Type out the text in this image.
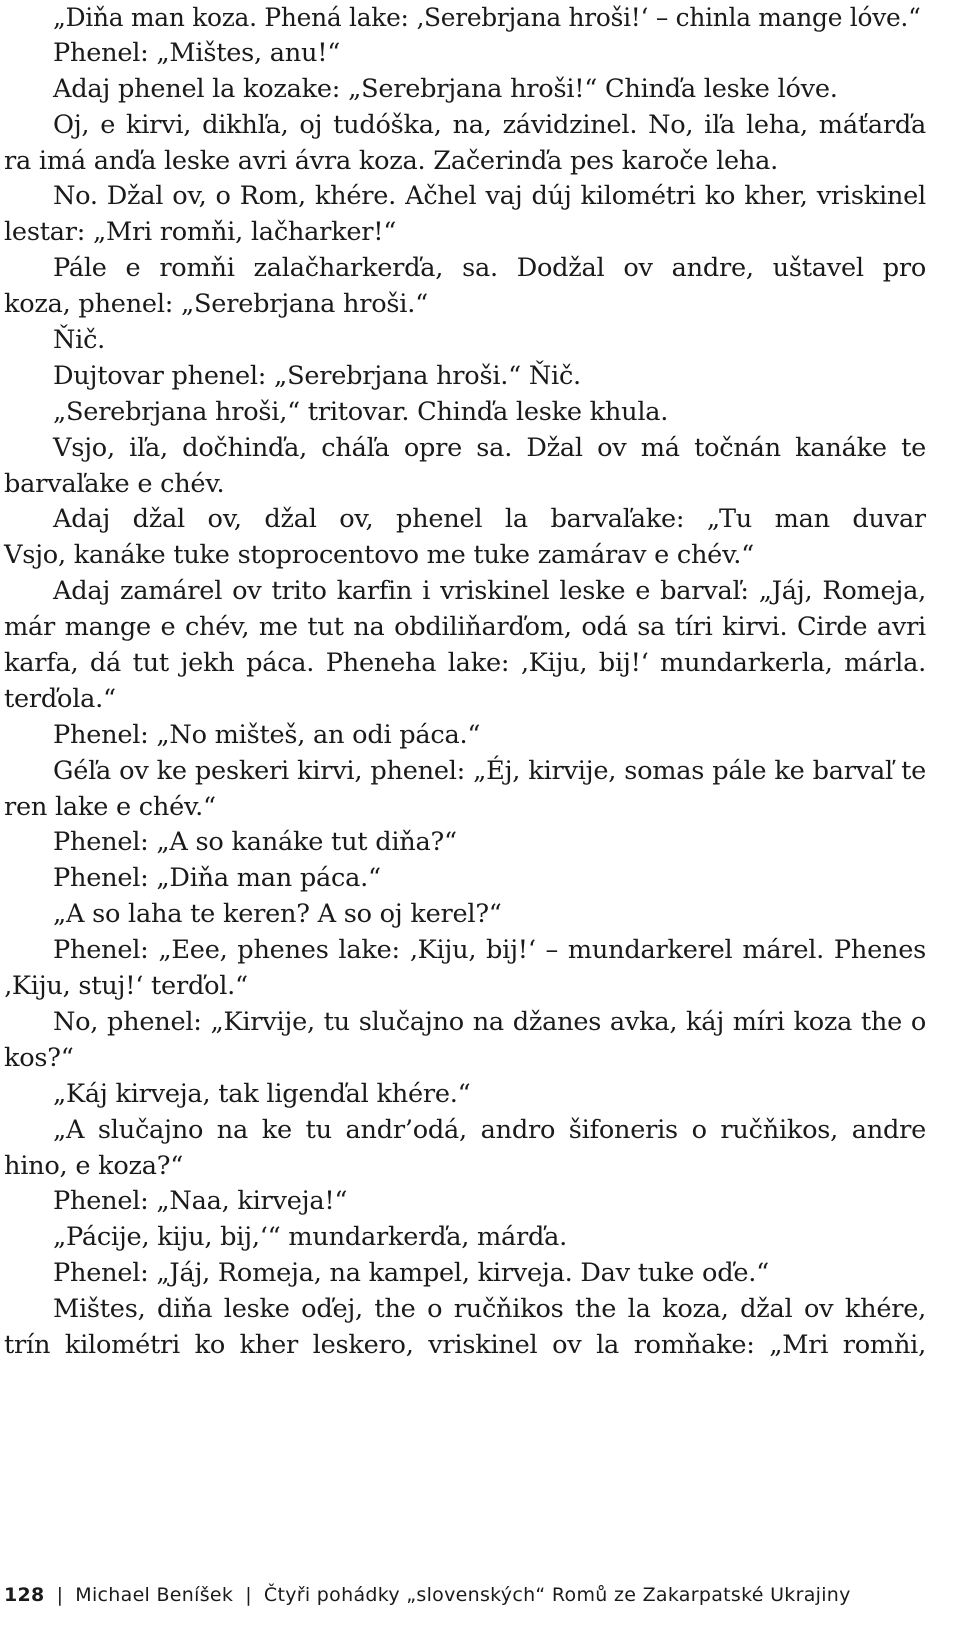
„Diňa man koza. Phená lake: ‚Serebrjana hroši!‘ – chinla mange lóve.“
Phenel: „Mištes, anu!“
Adaj phenel la kozake: „Serebrjana hroši!“ Chinďa leske lóve.
Oj, e kirvi, dikhľa, oj tudóška, na, závidzinel. No, iľa leha, máťarďa
ra imá anďa leske avri ávra koza. Začerinďa pes karoče leha.
No. Džal ov, o Rom, khére. Ačhel vaj dúj kilométri ko kher, vriskinel
lestar: „Mri romňi, lačharker!“
Pále e romňi zalačharkerďa, sa. Dodžal ov andre, uštavel pro
koza, phenel: „Serebrjana hroši.“
Ňič.
Dujtovar phenel: „Serebrjana hroši.“ Ňič.
„Serebrjana hroši,“ tritovar. Chinďa leske khula.
Vsjo, iľa, dočhinďa, cháľa opre sa. Džal ov má točnán kanáke te
barvaľake e chév.
Adaj džal ov, džal ov, phenel la barvaľake: „Tu man duvar
Vsjo, kanáke tuke stoprocentovo me tuke zamárav e chév.“
Adaj zamárel ov trito karfin i vriskinel leske e barvaľ: „Jáj, Romeja,
már mange e chév, me tut na obdiliňarďom, odá sa tíri kirvi. Cirde avri
karfa, dá tut jekh páca. Pheneha lake: ‚Kiju, bij!‘ mundarkerla, márla.
terďola.“
Phenel: „No mišteš, an odi páca.“
Géľa ov ke peskeri kirvi, phenel: „Éj, kirvije, somas pále ke barvaľ te
ren lake e chév.“
Phenel: „A so kanáke tut diňa?“
Phenel: „Diňa man páca.“
„A so laha te keren? A so oj kerel?“
Phenel: „Eee, phenes lake: ‚Kiju, bij!‘ – mundarkerel márel. Phenes
‚Kiju, stuj!‘ terďol.“
No, phenel: „Kirvije, tu slučajno na džanes avka, káj míri koza the o
kos?“
„Káj kirveja, tak ligenďal khére.“
„A slučajno na ke tu andr’odá, andro šifoneris o ručňikos, andre
hino, e koza?“
Phenel: „Naa, kirveja!“
„Pácije, kiju, bij,‘“ mundarkerďa, márďa.
Phenel: „Jáj, Romeja, na kampel, kirveja. Dav tuke oďe.“
Mištes, diňa leske oďej, the o ručňikos the la koza, džal ov khére,
trín kilométri ko kher leskero, vriskinel ov la romňake: „Mri romňi,
128 | Michael Beníšek | Čtyři pohádky „slovenských“ Romů ze Zakarpatské Ukrajiny
